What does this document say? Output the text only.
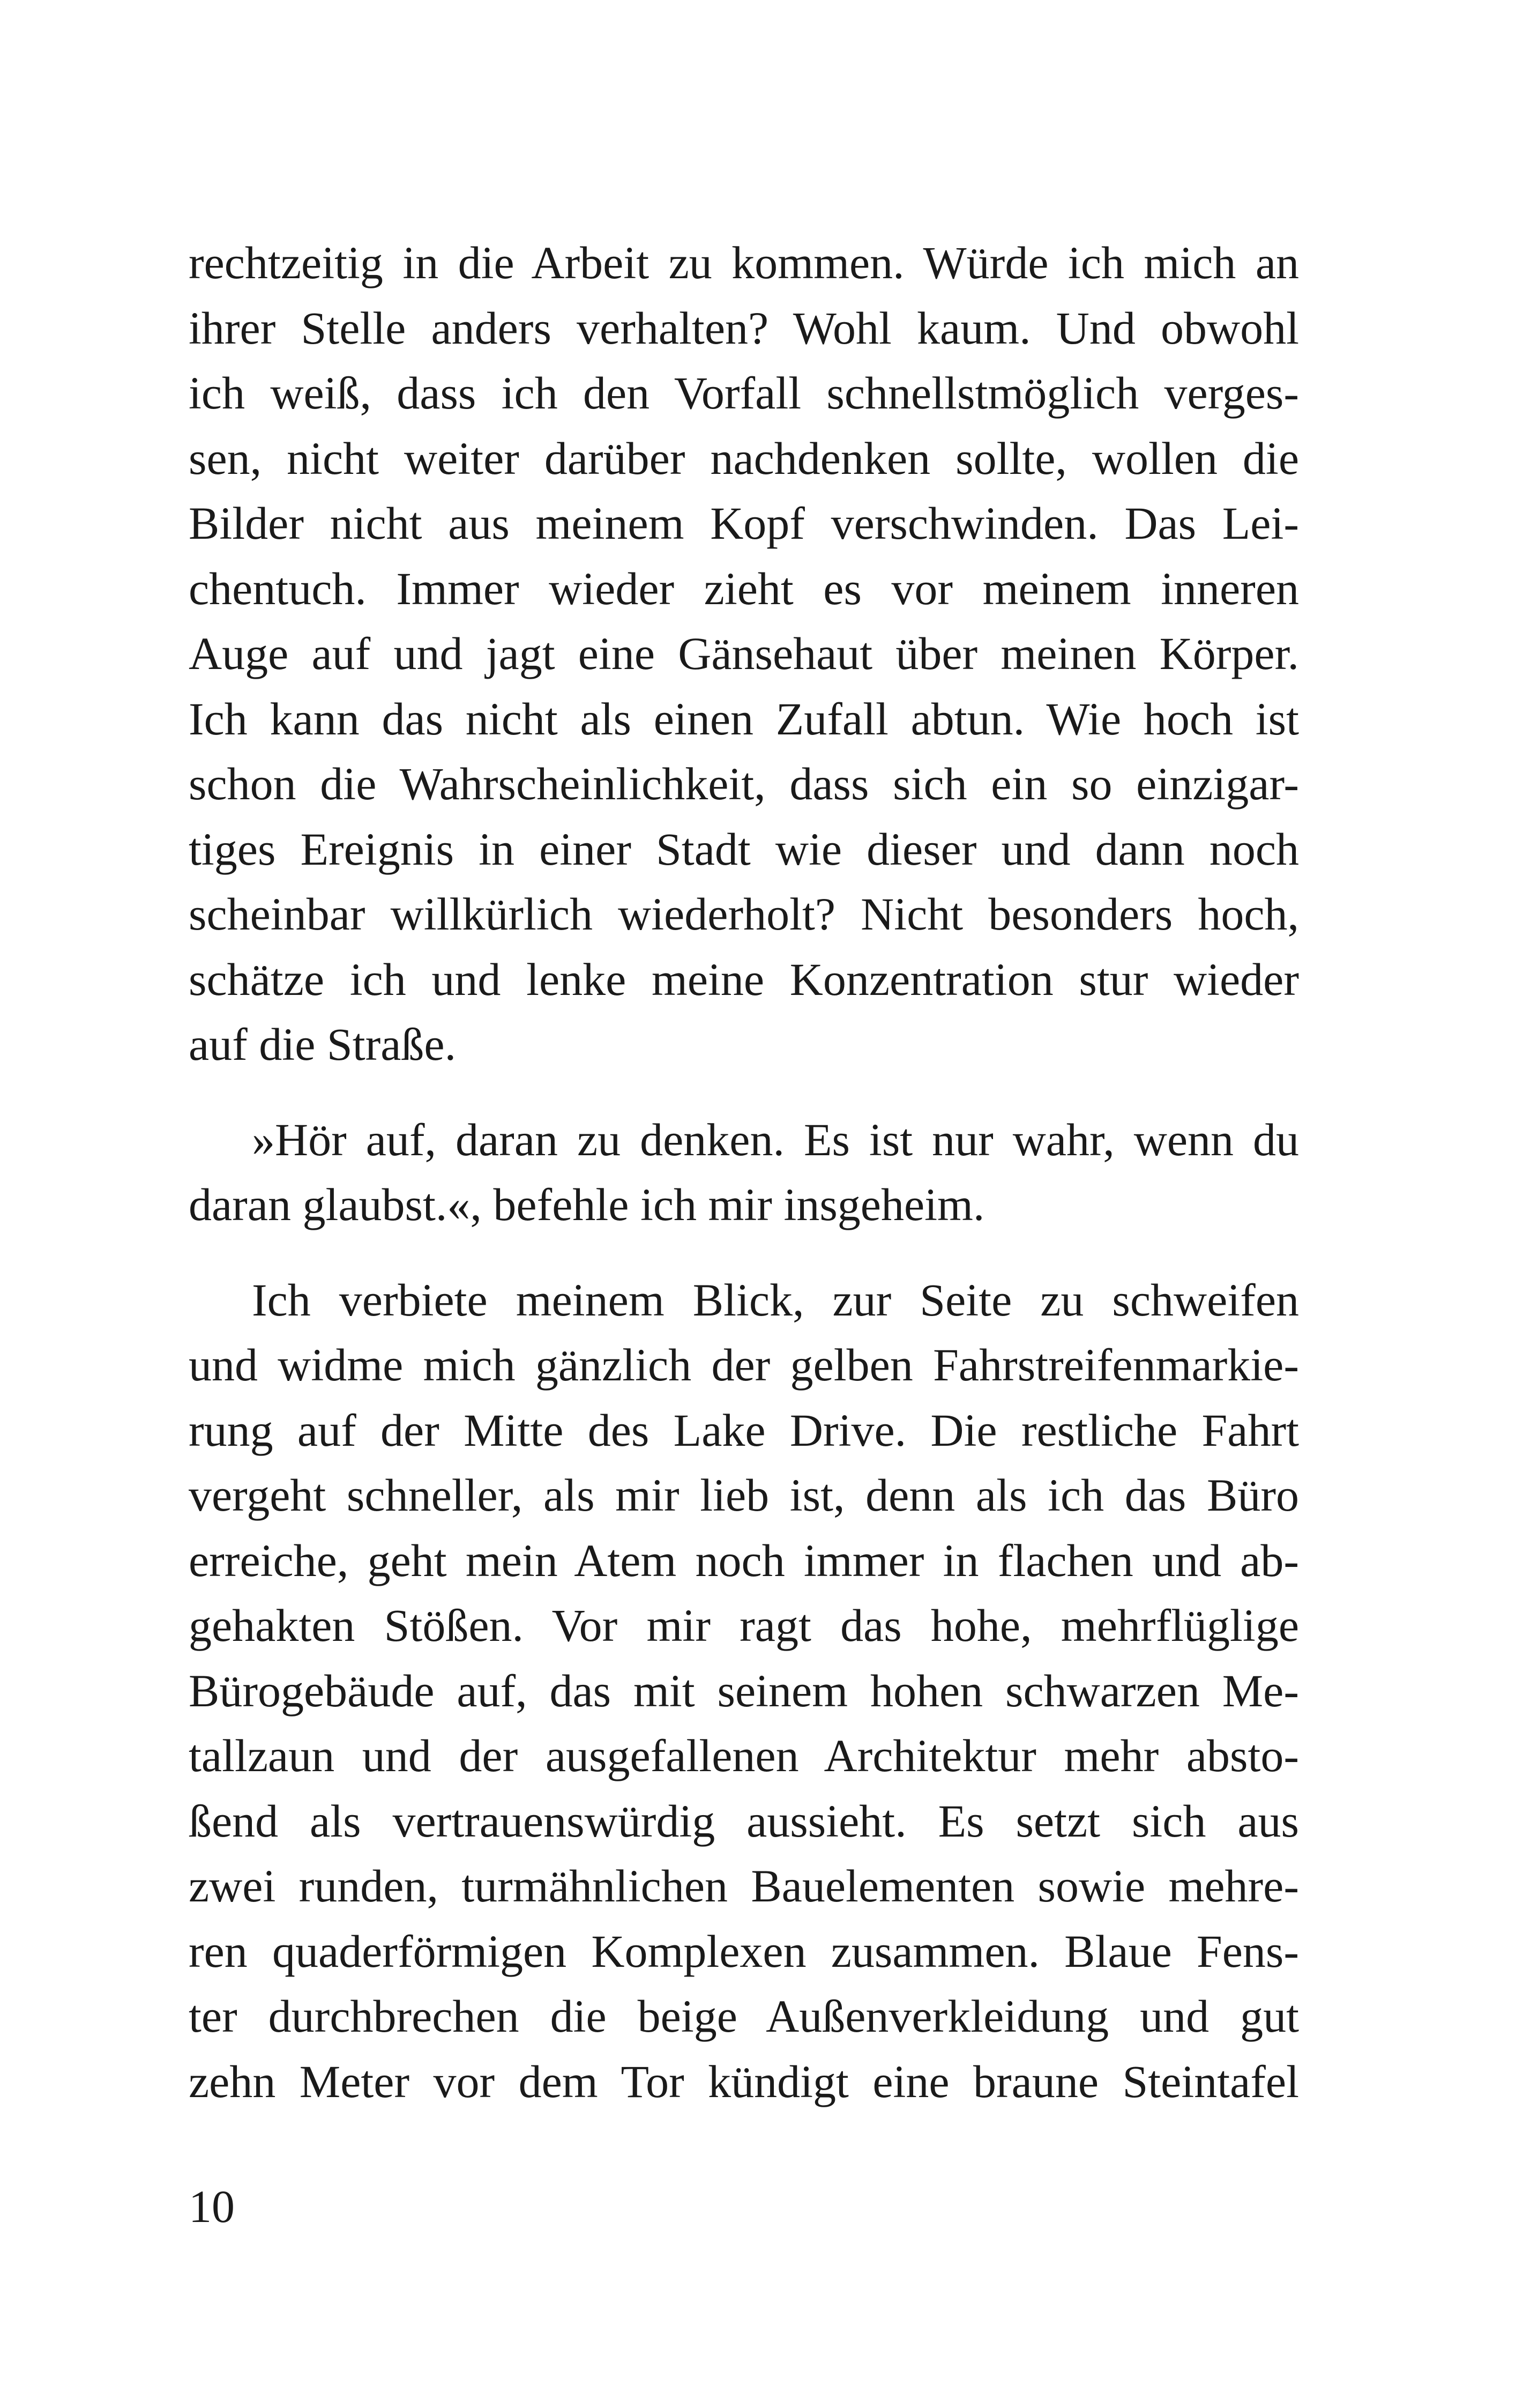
rechtzeitig in die Arbeit zu kommen. Würde ich mich an
ihrer Stelle anders verhalten? Wohl kaum. Und obwohl
ich weiß, dass ich den Vorfall schnellstmöglich verges-
sen, nicht weiter darüber nachdenken sollte, wollen die
Bilder nicht aus meinem Kopf verschwinden. Das Lei-
chentuch. Immer wieder zieht es vor meinem inneren
Auge auf und jagt eine Gänsehaut über meinen Körper.
Ich kann das nicht als einen Zufall abtun. Wie hoch ist
schon die Wahrscheinlichkeit, dass sich ein so einzigar-
tiges Ereignis in einer Stadt wie dieser und dann noch
scheinbar willkürlich wiederholt? Nicht besonders hoch,
schätze ich und lenke meine Konzentration stur wieder
auf die Straße.
»Hör auf, daran zu denken. Es ist nur wahr, wenn du
daran glaubst.«, befehle ich mir insgeheim.
Ich verbiete meinem Blick, zur Seite zu schweifen
und widme mich gänzlich der gelben Fahrstreifenmarkie-
rung auf der Mitte des Lake Drive. Die restliche Fahrt
vergeht schneller, als mir lieb ist, denn als ich das Büro
erreiche, geht mein Atem noch immer in flachen und ab-
gehakten Stößen. Vor mir ragt das hohe, mehrflüglige
Bürogebäude auf, das mit seinem hohen schwarzen Me-
tallzaun und der ausgefallenen Architektur mehr absto-
ßend als vertrauenswürdig aussieht. Es setzt sich aus
zwei runden, turmähnlichen Bauelementen sowie mehre-
ren quaderförmigen Komplexen zusammen. Blaue Fens-
ter durchbrechen die beige Außenverkleidung und gut
zehn Meter vor dem Tor kündigt eine braune Steintafel
10
